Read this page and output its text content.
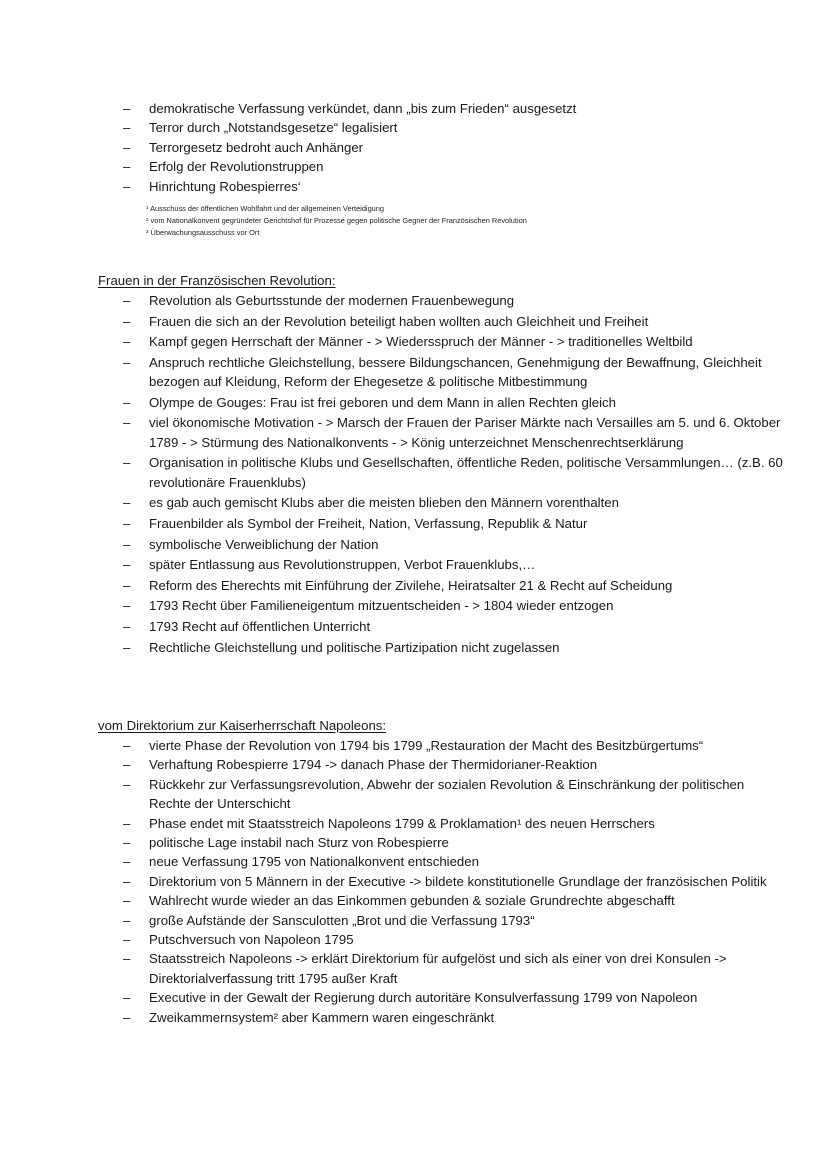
– demokratische Verfassung verkündet, dann „bis zum Frieden“ ausgesetzt
– Terror durch „Notstandsgesetze“ legalisiert
– Terrorgesetz bedroht auch Anhänger
– Erfolg der Revolutionstruppen
– Hinrichtung Robespierres‘
¹ Ausschuss der öffentlichen Wohlfahrt und der allgemeinen Verteidigung
² vom Nationalkonvent gegründeter Gerichtshof für Prozesse gegen politische Gegner der Französischen Revolution
³ Überwachungsausschuss vor Ort
Frauen in der Französischen Revolution:
– Revolution als Geburtsstunde der modernen Frauenbewegung
– Frauen die sich an der Revolution beteiligt haben wollten auch Gleichheit und Freiheit
– Kampf gegen Herrschaft der Männer - > Wiedersspruch der Männer - > traditionelles Weltbild
– Anspruch rechtliche Gleichstellung, bessere Bildungschancen, Genehmigung der Bewaffnung, Gleichheit bezogen auf Kleidung, Reform der Ehegesetze & politische Mitbestimmung
– Olympe de Gouges: Frau ist frei geboren und dem Mann in allen Rechten gleich
– viel ökonomische Motivation - > Marsch der Frauen der Pariser Märkte nach Versailles am 5. und 6. Oktober 1789 - > Stürmung des Nationalkonvents - > König unterzeichnet Menschenrechtserklärung
– Organisation in politische Klubs und Gesellschaften, öffentliche Reden, politische Versammlungen… (z.B. 60 revolutionäre Frauenklubs)
– es gab auch gemischt Klubs aber die meisten blieben den Männern vorenthalten
– Frauenbilder als Symbol der Freiheit, Nation, Verfassung, Republik & Natur
– symbolische Verweiblichung der Nation
– später Entlassung aus Revolutionstruppen, Verbot Frauenklubs,…
– Reform des Eherechts mit Einführung der Zivilehe, Heiratsalter 21 & Recht auf Scheidung
– 1793 Recht über Familieneigentum mitzuentscheiden - > 1804 wieder entzogen
– 1793 Recht auf öffentlichen Unterricht
– Rechtliche Gleichstellung und politische Partizipation nicht zugelassen
vom Direktorium zur Kaiserherrschaft Napoleons:
– vierte Phase der Revolution von 1794 bis 1799 „Restauration der Macht des Besitzbürgertums“
– Verhaftung Robespierre 1794 -> danach Phase der Thermidorianer-Reaktion
– Rückkehr zur Verfassungsrevolution, Abwehr der sozialen Revolution & Einschränkung der politischen Rechte der Unterschicht
– Phase endet mit Staatsstreich Napoleons 1799 & Proklamation¹ des neuen Herrschers
– politische Lage instabil nach Sturz von Robespierre
– neue Verfassung 1795 von Nationalkonvent entschieden
– Direktorium von 5 Männern in der Executive -> bildete konstitutionelle Grundlage der französischen Politik
– Wahlrecht wurde wieder an das Einkommen gebunden & soziale Grundrechte abgeschafft
– große Aufstände der Sansculotten „Brot und die Verfassung 1793“
– Putschversuch von Napoleon 1795
– Staatsstreich Napoleons -> erklärt Direktorium für aufgelöst und sich als einer von drei Konsulen -> Direktorialverfassung tritt 1795 außer Kraft
– Executive in der Gewalt der Regierung durch autoritäre Konsulverfassung 1799 von Napoleon
– Zweikammernsystem² aber Kammern waren eingeschränkt
